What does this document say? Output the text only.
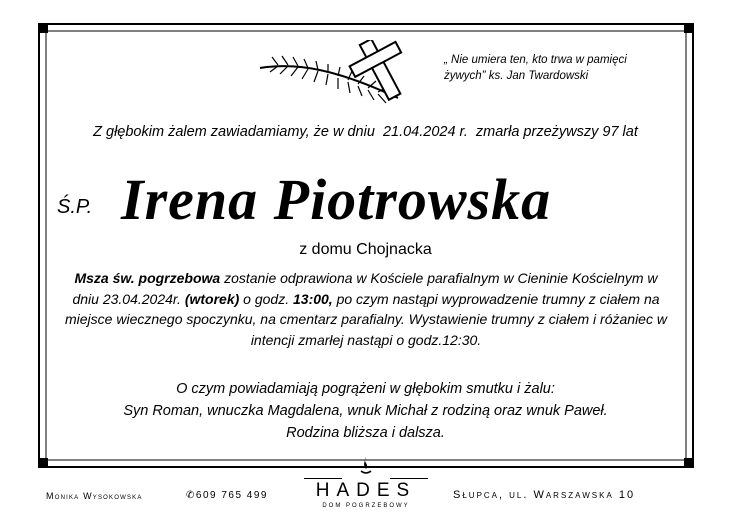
„ Nie umiera ten, kto trwa w pamięci
żywych” ks. Jan Twardowski
Z głębokim żalem zawiadamiamy, że w dniu 21.04.2024 r. zmarła przeżywszy 97 lat
Ś.P. Irena Piotrowska
z domu Chojnacka
Msza św. pogrzebowa zostanie odprawiona w Kościele parafialnym w Cieninie Kościelnym w dniu 23.04.2024r. (wtorek) o godz. 13:00, po czym nastąpi wyprowadzenie trumny z ciałem na miejsce wiecznego spoczynku, na cmentarz parafialny. Wystawienie trumny z ciałem i różaniec w intencji zmarłej nastąpi o godz.12:30.
O czym powiadamiają pogrążeni w głębokim smutku i żalu:
Syn Roman, wnuczka Magdalena, wnuk Michał z rodziną oraz wnuk Paweł.
Rodzina bliższa i dalsza.
Monika Wysokowska	✆609 765 499	HADES
DOM POGRZEBOWY
Słupca, ul. Warszawska 10
